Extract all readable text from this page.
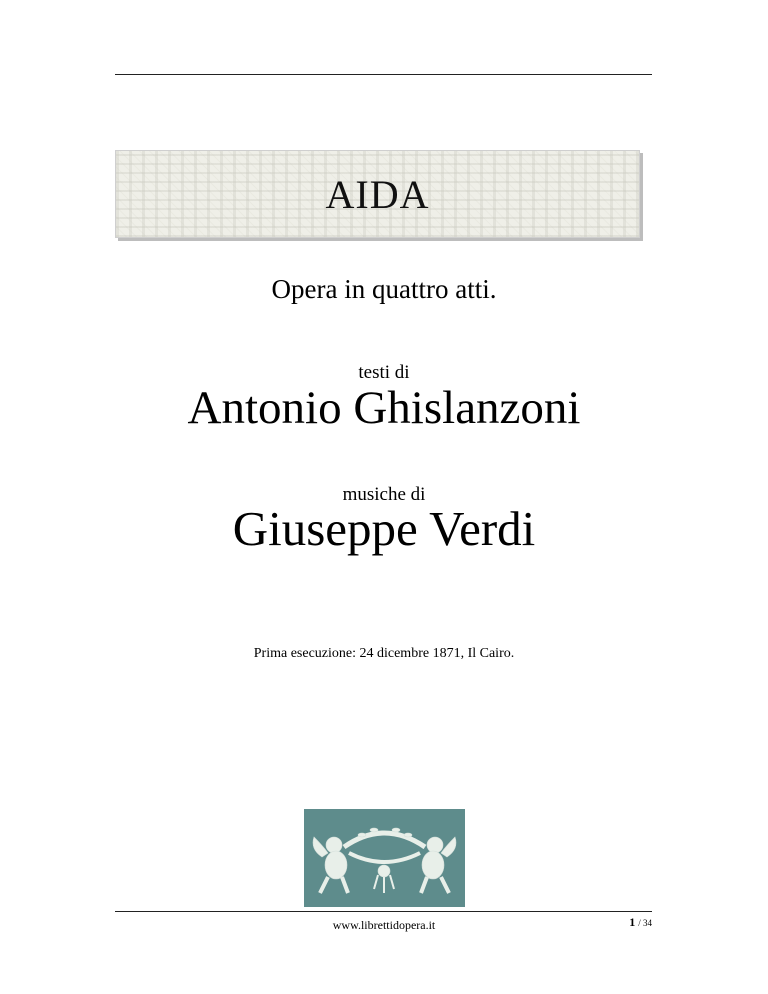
AIDA
Opera in quattro atti.
testi di
Antonio Ghislanzoni
musiche di
Giuseppe Verdi
Prima esecuzione: 24 dicembre 1871, Il Cairo.
www.librettidopera.it	1 / 34
